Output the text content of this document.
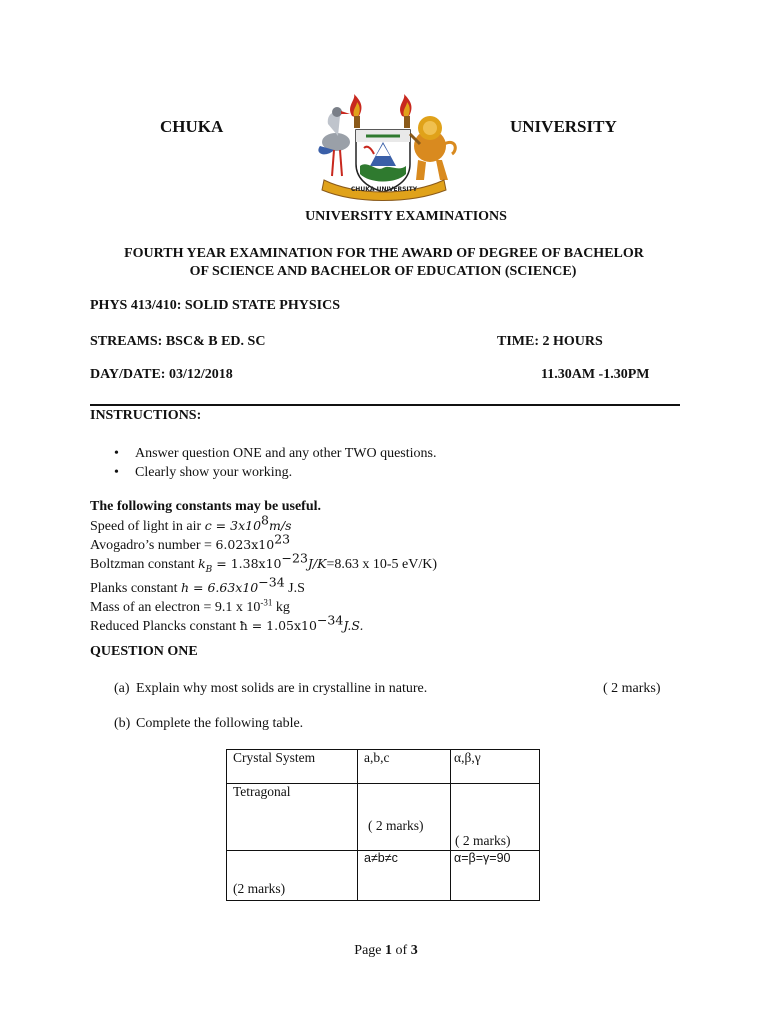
CHUKA	UNIVERSITY
CHUKA UNIVERSITY
UNIVERSITY EXAMINATIONS
FOURTH YEAR EXAMINATION FOR THE AWARD OF DEGREE OF BACHELOR
OF SCIENCE AND BACHELOR OF EDUCATION (SCIENCE)
PHYS 413/410: SOLID STATE PHYSICS
STREAMS: BSC& B ED. SC	TIME: 2 HOURS
DAY/DATE: 03/12/2018	11.30AM -1.30PM
INSTRUCTIONS:
• Answer question ONE and any other TWO questions.
• Clearly show your working.
The following constants may be useful.
Speed of light in air $c = 3x10^8m/s$
Avogadro’s number = $6.023x10^{23}$
Boltzman constant $k_B = 1.38x10^{-23}J/K=8.63$ x 10-5 eV/K)
Planks constant $h = 6.63x10^{-34}$ J.S
Mass of an electron = 9.1 x $10^{-31}$ kg
Reduced Plancks constant ħ = $1.05x10^{-34}J.S$.
QUESTION ONE
(a) Explain why most solids are in crystalline in nature.	( 2 marks)
(b) Complete the following table.
Crystal System	a,b,c	α,β,γ

Tetragonal	( 2 marks)	( 2 marks)

(2 marks)	a≠b≠c	α=β=γ=90
Page 1 of 3
